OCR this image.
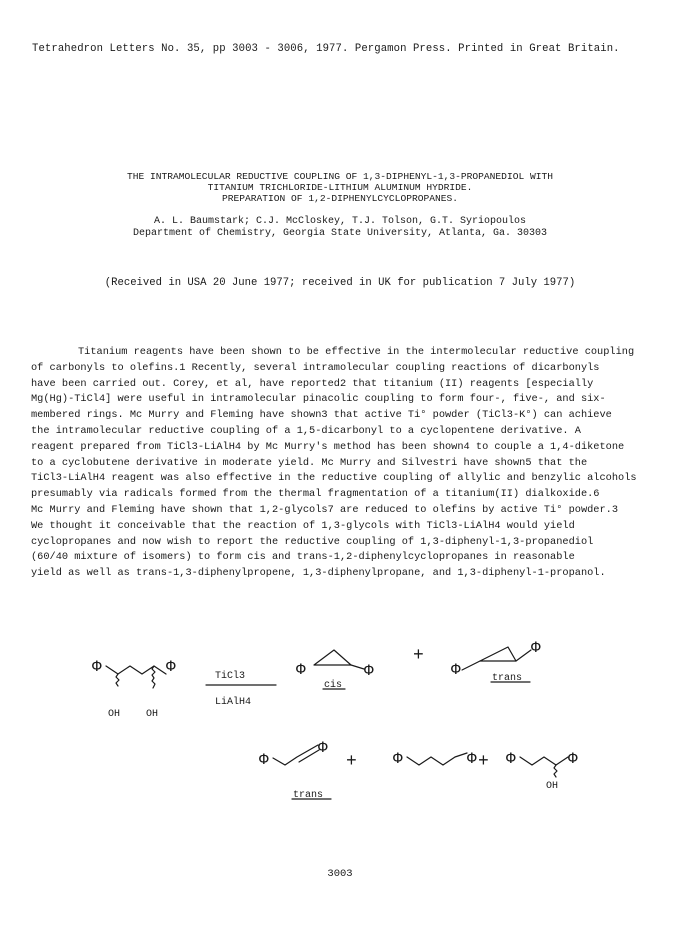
Tetrahedron Letters No. 35, pp 3003 - 3006, 1977. Pergamon Press. Printed in Great Britain.
THE INTRAMOLECULAR REDUCTIVE COUPLING OF 1,3-DIPHENYL-1,3-PROPANEDIOL WITH
TITANIUM TRICHLORIDE-LITHIUM ALUMINUM HYDRIDE.
PREPARATION OF 1,2-DIPHENYLCYCLOPROPANES.
A. L. Baumstark; C.J. McCloskey, T.J. Tolson, G.T. Syriopoulos
Department of Chemistry, Georgia State University, Atlanta, Ga. 30303
(Received in USA 20 June 1977; received in UK for publication 7 July 1977)
Titanium reagents have been shown to be effective in the intermolecular reductive coupling
of carbonyls to olefins.1 Recently, several intramolecular coupling reactions of dicarbonyls
have been carried out. Corey, et al, have reported2 that titanium (II) reagents [especially
Mg(Hg)-TiCl4] were useful in intramolecular pinacolic coupling to form four-, five-, and six-
membered rings. Mc Murry and Fleming have shown3 that active Ti° powder (TiCl3-K°) can achieve
the intramolecular reductive coupling of a 1,5-dicarbonyl to a cyclopentene derivative. A
reagent prepared from TiCl3-LiAlH4 by Mc Murry's method has been shown4 to couple a 1,4-diketone
to a cyclobutene derivative in moderate yield. Mc Murry and Silvestri have shown5 that the
TiCl3-LiAlH4 reagent was also effective in the reductive coupling of allylic and benzylic alcohols
presumably via radicals formed from the thermal fragmentation of a titanium(II) dialkoxide.6
Mc Murry and Fleming have shown that 1,2-glycols7 are reduced to olefins by active Ti° powder.3
We thought it conceivable that the reaction of 1,3-glycols with TiCl3-LiAlH4 would yield
cyclopropanes and now wish to report the reductive coupling of 1,3-diphenyl-1,3-propanediol
(60/40 mixture of isomers) to form cis and trans-1,2-diphenylcyclopropanes in reasonable
yield as well as trans-1,3-diphenylpropene, 1,3-diphenylpropane, and 1,3-diphenyl-1-propanol.
Φ	Φ	Φ	Φ	Φ
Φ
Φ
Φ
Φ	Φ Φ	Φ
+
+	+
OH	OH
OH
TiCl3
LiAlH4
cis
trans
trans
3003
